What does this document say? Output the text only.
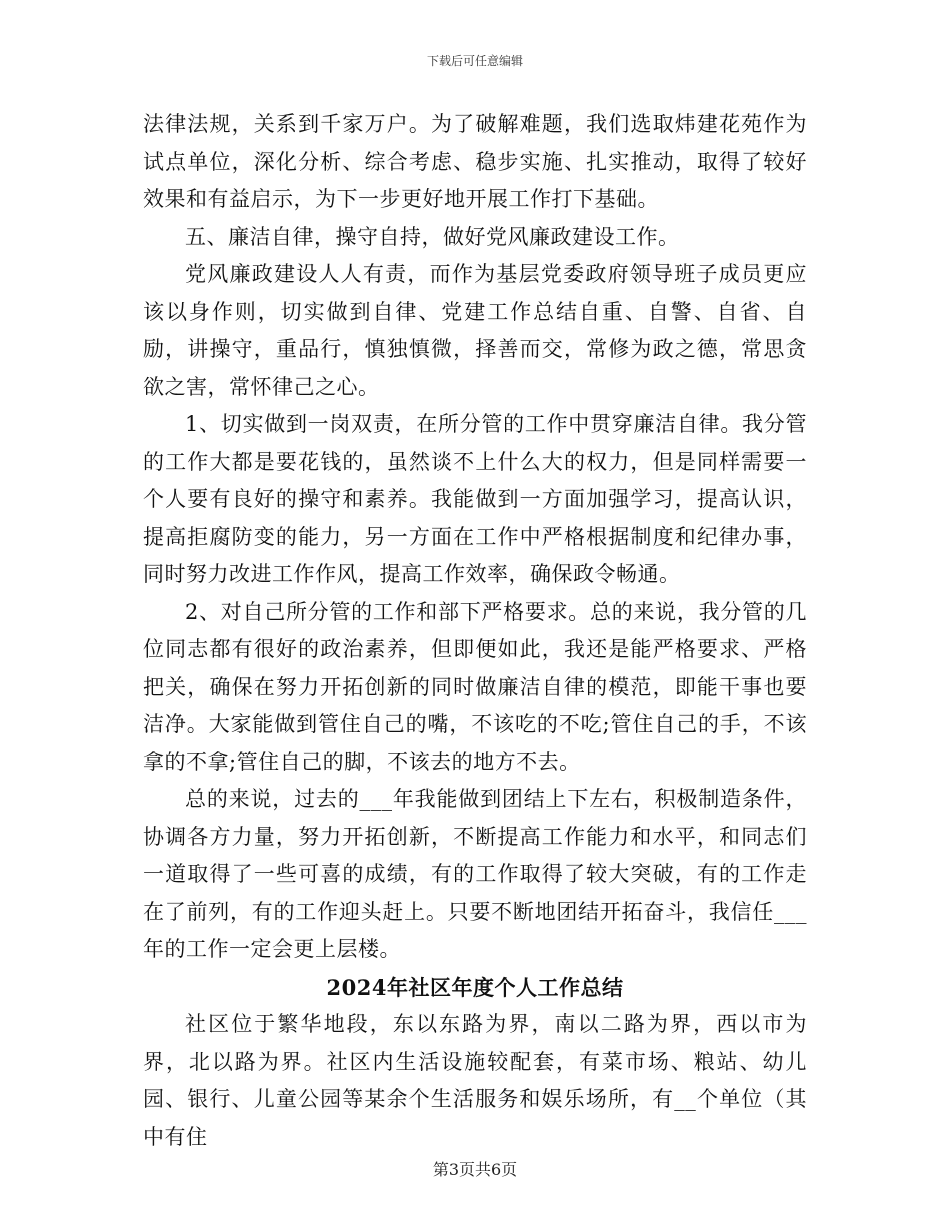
下载后可任意编辑

法律法规，关系到千家万户。为了破解难题，我们选取炜建花苑作为试点单位，深化分析、综合考虑、稳步实施、扎实推动，取得了较好效果和有益启示，为下一步更好地开展工作打下基础。

五、廉洁自律，操守自持，做好党风廉政建设工作。

党风廉政建设人人有责，而作为基层党委政府领导班子成员更应该以身作则，切实做到自律、党建工作总结自重、自警、自省、自励，讲操守，重品行，慎独慎微，择善而交，常修为政之德，常思贪欲之害，常怀律己之心。

1、切实做到一岗双责，在所分管的工作中贯穿廉洁自律。我分管的工作大都是要花钱的，虽然谈不上什么大的权力，但是同样需要一个人要有良好的操守和素养。我能做到一方面加强学习，提高认识，提高拒腐防变的能力，另一方面在工作中严格根据制度和纪律办事，同时努力改进工作作风，提高工作效率，确保政令畅通。

2、对自己所分管的工作和部下严格要求。总的来说，我分管的几位同志都有很好的政治素养，但即便如此，我还是能严格要求、严格把关，确保在努力开拓创新的同时做廉洁自律的模范，即能干事也要洁净。大家能做到管住自己的嘴，不该吃的不吃;管住自己的手，不该拿的不拿;管住自己的脚，不该去的地方不去。

总的来说，过去的___年我能做到团结上下左右，积极制造条件，协调各方力量，努力开拓创新，不断提高工作能力和水平，和同志们一道取得了一些可喜的成绩，有的工作取得了较大突破，有的工作走在了前列，有的工作迎头赶上。只要不断地团结开拓奋斗，我信任___年的工作一定会更上层楼。

2024年社区年度个人工作总结

社区位于繁华地段，东以东路为界，南以二路为界，西以市为界，北以路为界。社区内生活设施较配套，有菜市场、粮站、幼儿园、银行、儿童公园等某余个生活服务和娱乐场所，有__个单位（其中有住

第3页共6页
